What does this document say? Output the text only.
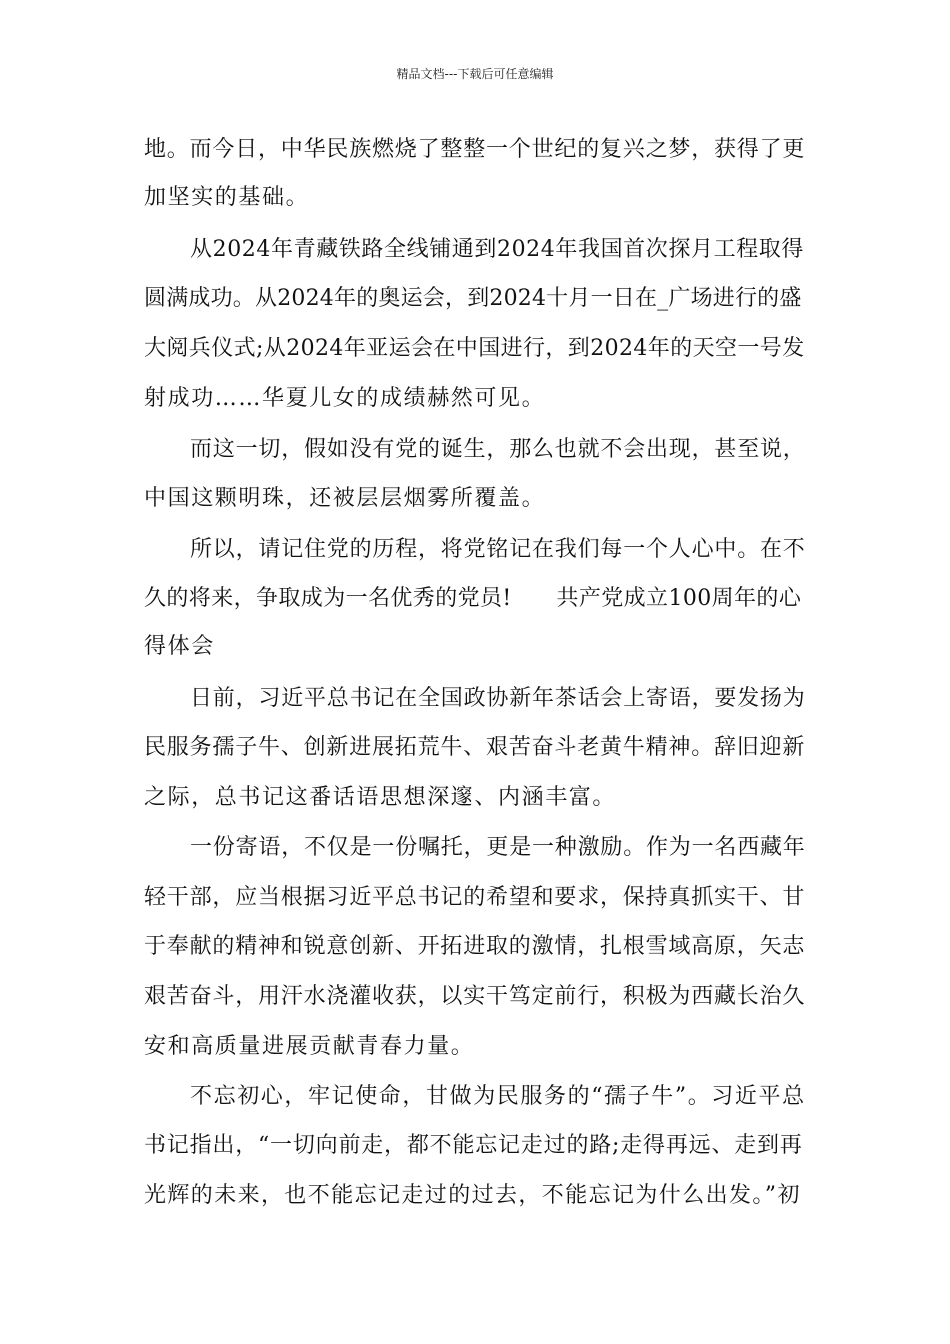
精品文档---下载后可任意编辑
地。而今日，中华民族燃烧了整整一个世纪的复兴之梦，获得了更
加坚实的基础。
从2024年青藏铁路全线铺通到2024年我国首次探月工程取得
圆满成功。从2024年的奥运会，到2024十月一日在_广场进行的盛
大阅兵仪式;从2024年亚运会在中国进行，到2024年的天空一号发
射成功……华夏儿女的成绩赫然可见。
而这一切，假如没有党的诞生，那么也就不会出现，甚至说，
中国这颗明珠，还被层层烟雾所覆盖。
所以，请记住党的历程，将党铭记在我们每一个人心中。在不
久的将来，争取成为一名优秀的党员!　　共产党成立100周年的心
得体会
日前，习近平总书记在全国政协新年茶话会上寄语，要发扬为
民服务孺子牛、创新进展拓荒牛、艰苦奋斗老黄牛精神。辞旧迎新
之际，总书记这番话语思想深邃、内涵丰富。
一份寄语，不仅是一份嘱托，更是一种激励。作为一名西藏年
轻干部，应当根据习近平总书记的希望和要求，保持真抓实干、甘
于奉献的精神和锐意创新、开拓进取的激情，扎根雪域高原，矢志
艰苦奋斗，用汗水浇灌收获，以实干笃定前行，积极为西藏长治久
安和高质量进展贡献青春力量。
不忘初心，牢记使命，甘做为民服务的“孺子牛”。习近平总
书记指出，“一切向前走，都不能忘记走过的路;走得再远、走到再
光辉的未来，也不能忘记走过的过去，不能忘记为什么出发。”初
